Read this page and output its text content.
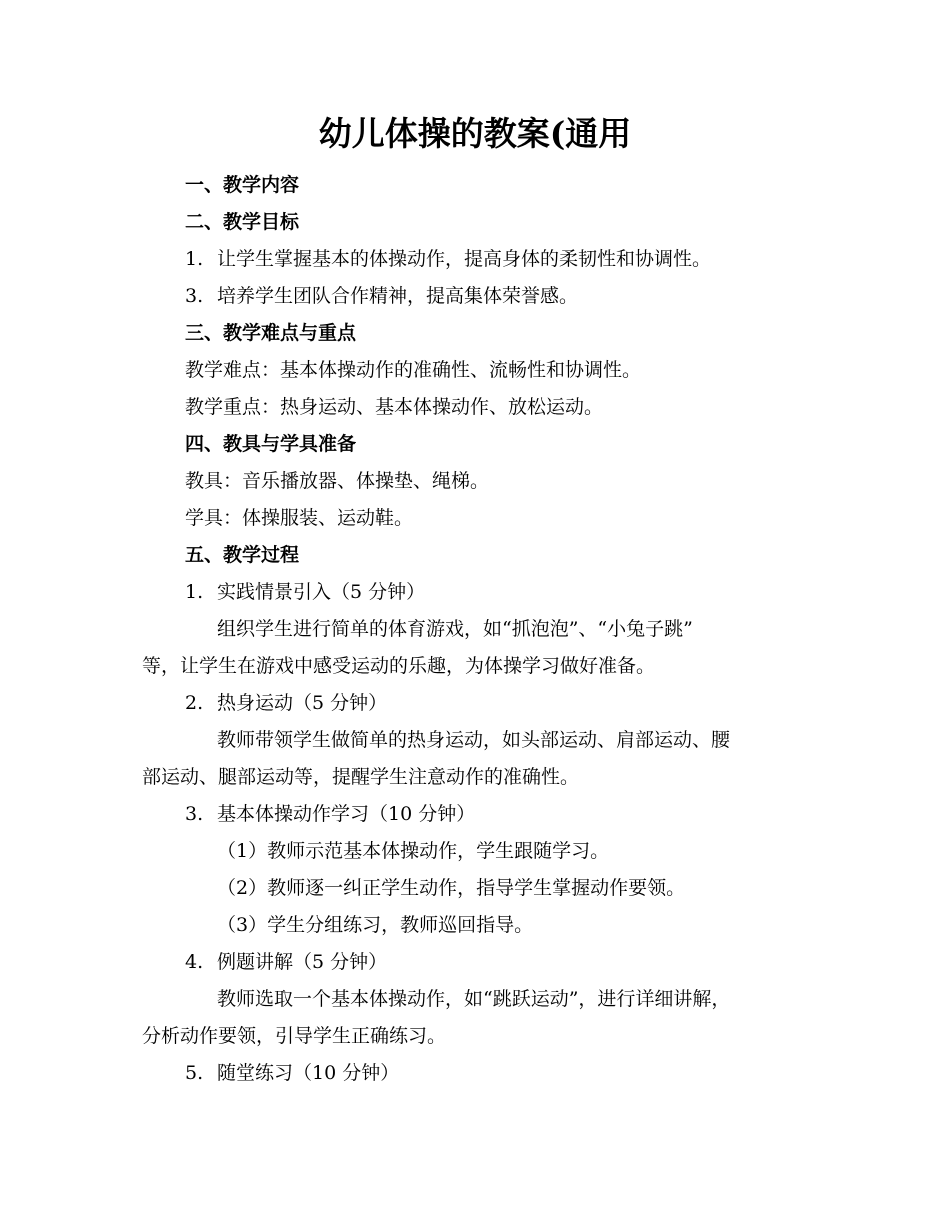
幼儿体操的教案(通用
一、教学内容
二、教学目标
1. 让学生掌握基本的体操动作，提高身体的柔韧性和协调性。
3. 培养学生团队合作精神，提高集体荣誉感。
三、教学难点与重点
教学难点：基本体操动作的准确性、流畅性和协调性。
教学重点：热身运动、基本体操动作、放松运动。
四、教具与学具准备
教具：音乐播放器、体操垫、绳梯。
学具：体操服装、运动鞋。
五、教学过程
1. 实践情景引入（5 分钟）
组织学生进行简单的体育游戏，如“抓泡泡”、“小兔子跳”
等，让学生在游戏中感受运动的乐趣，为体操学习做好准备。
2. 热身运动（5 分钟）
教师带领学生做简单的热身运动，如头部运动、肩部运动、腰
部运动、腿部运动等，提醒学生注意动作的准确性。
3. 基本体操动作学习（10 分钟）
（1）教师示范基本体操动作，学生跟随学习。
（2）教师逐一纠正学生动作，指导学生掌握动作要领。
（3）学生分组练习，教师巡回指导。
4. 例题讲解（5 分钟）
教师选取一个基本体操动作，如“跳跃运动”，进行详细讲解，
分析动作要领，引导学生正确练习。
5. 随堂练习（10 分钟）
